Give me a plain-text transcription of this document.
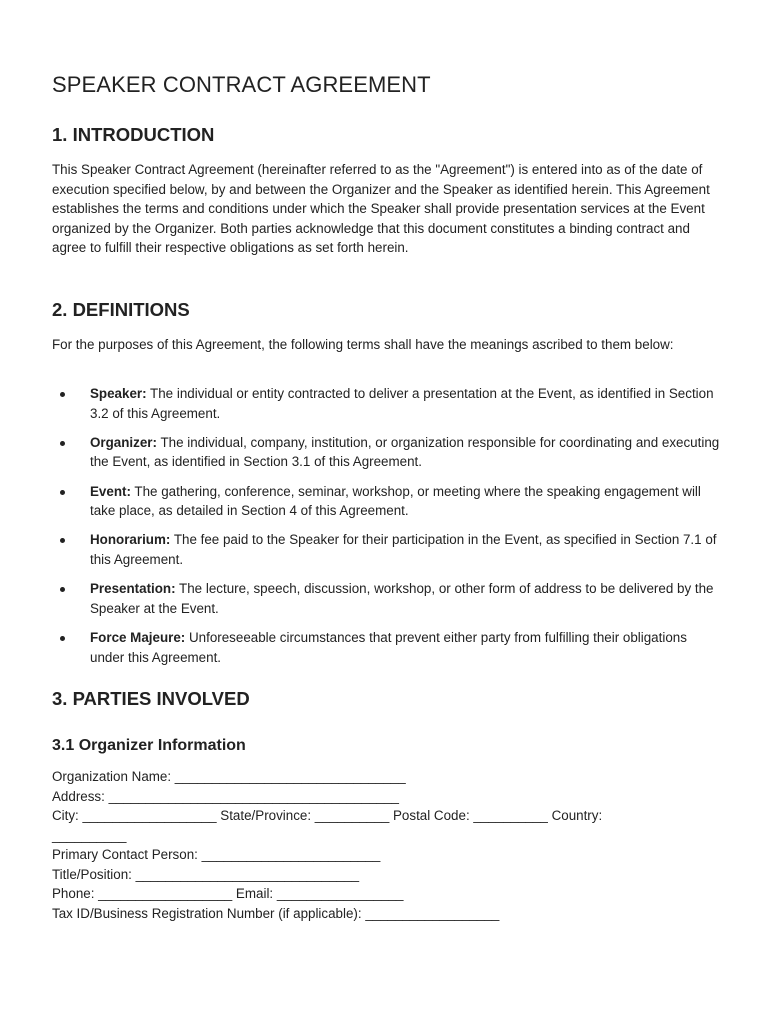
SPEAKER CONTRACT AGREEMENT
1. INTRODUCTION

This Speaker Contract Agreement (hereinafter referred to as the "Agreement") is entered into as of the date of execution specified below, by and between the Organizer and the Speaker as identified herein. This Agreement establishes the terms and conditions under which the Speaker shall provide presentation services at the Event organized by the Organizer. Both parties acknowledge that this document constitutes a binding contract and agree to fulfill their respective obligations as set forth herein.

2. DEFINITIONS

For the purposes of this Agreement, the following terms shall have the meanings ascribed to them below:

Speaker: The individual or entity contracted to deliver a presentation at the Event, as identified in Section 3.2 of this Agreement.
Organizer: The individual, company, institution, or organization responsible for coordinating and executing the Event, as identified in Section 3.1 of this Agreement.
Event: The gathering, conference, seminar, workshop, or meeting where the speaking engagement will take place, as detailed in Section 4 of this Agreement.
Honorarium: The fee paid to the Speaker for their participation in the Event, as specified in Section 7.1 of this Agreement.
Presentation: The lecture, speech, discussion, workshop, or other form of address to be delivered by the Speaker at the Event.
Force Majeure: Unforeseeable circumstances that prevent either party from fulfilling their obligations under this Agreement.
3. PARTIES INVOLVED
3.1 Organizer Information

Organization Name: _______________________________

Address: _______________________________________

City: __________________ State/Province: __________ Postal Code: __________ Country:

__________

Primary Contact Person: ________________________

Title/Position: ______________________________

Phone: __________________ Email: _________________

Tax ID/Business Registration Number (if applicable): __________________
